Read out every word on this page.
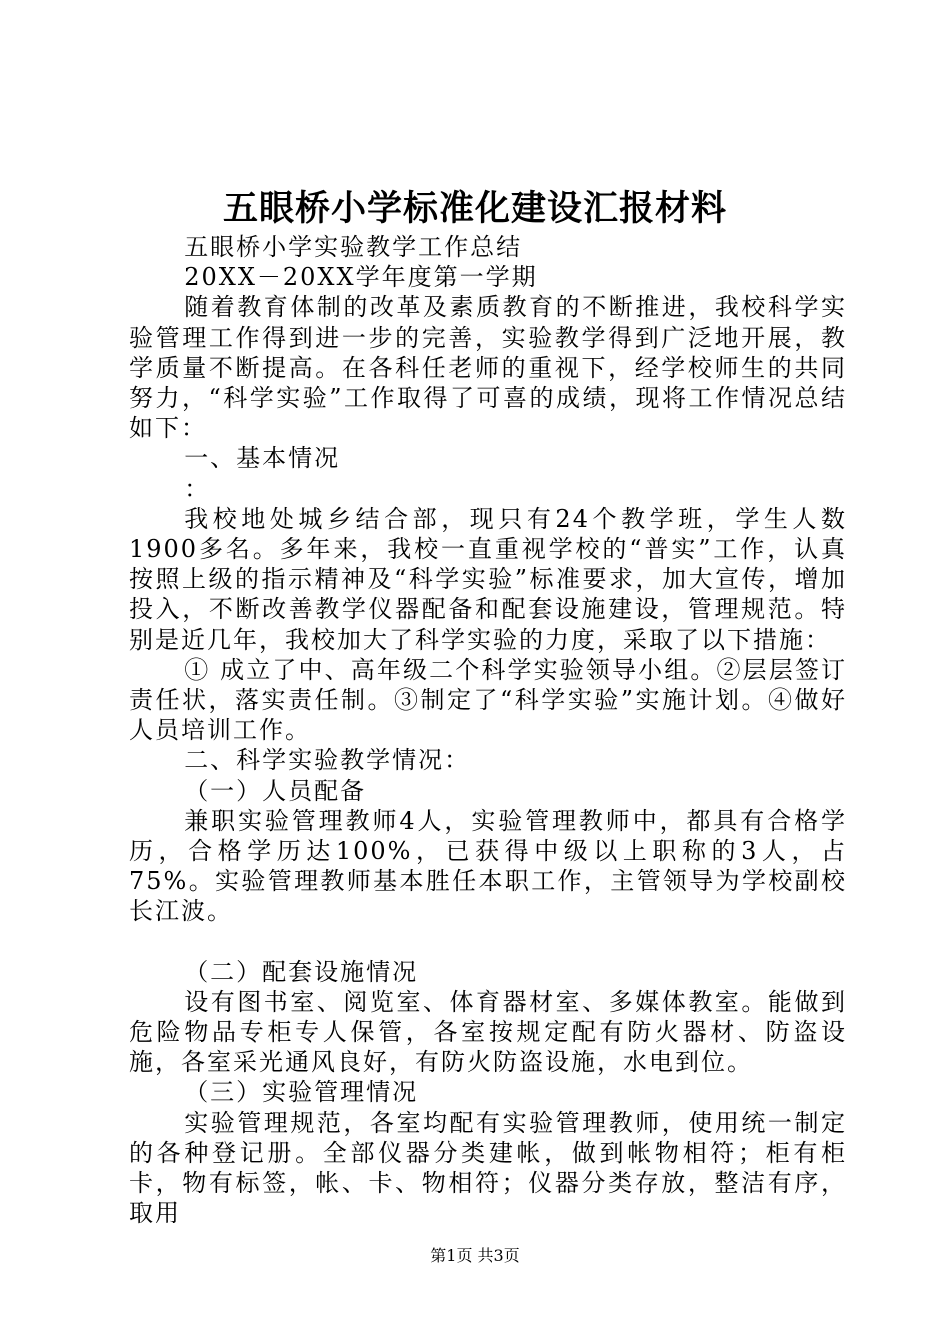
五眼桥小学标准化建设汇报材料

五眼桥小学实验教学工作总结

20XX－20XX学年度第一学期

随着教育体制的改革及素质教育的不断推进，我校科学实验管理工作得到进一步的完善，实验教学得到广泛地开展，教学质量不断提高。在各科任老师的重视下，经学校师生的共同努力，“科学实验”工作取得了可喜的成绩，现将工作情况总结如下：

一、基本情况

：

我校地处城乡结合部，现只有24个教学班，学生人数1900多名。多年来，我校一直重视学校的“普实”工作，认真按照上级的指示精神及“科学实验”标准要求，加大宣传，增加投入，不断改善教学仪器配备和配套设施建设，管理规范。特别是近几年，我校加大了科学实验的力度，采取了以下措施：

① 成立了中、高年级二个科学实验领导小组。②层层签订责任状，落实责任制。③制定了“科学实验”实施计划。④做好人员培训工作。

二、科学实验教学情况：

（一）人员配备

兼职实验管理教师4人，实验管理教师中，都具有合格学历，合格学历达100%，已获得中级以上职称的3人，占75%。实验管理教师基本胜任本职工作，主管领导为学校副校长江波。

（二）配套设施情况

设有图书室、阅览室、体育器材室、多媒体教室。能做到危险物品专柜专人保管，各室按规定配有防火器材、防盗设施，各室采光通风良好，有防火防盗设施，水电到位。

（三）实验管理情况

实验管理规范，各室均配有实验管理教师，使用统一制定的各种登记册。全部仪器分类建帐，做到帐物相符；柜有柜卡，物有标签，帐、卡、物相符；仪器分类存放，整洁有序，取用

第1页 共3页
